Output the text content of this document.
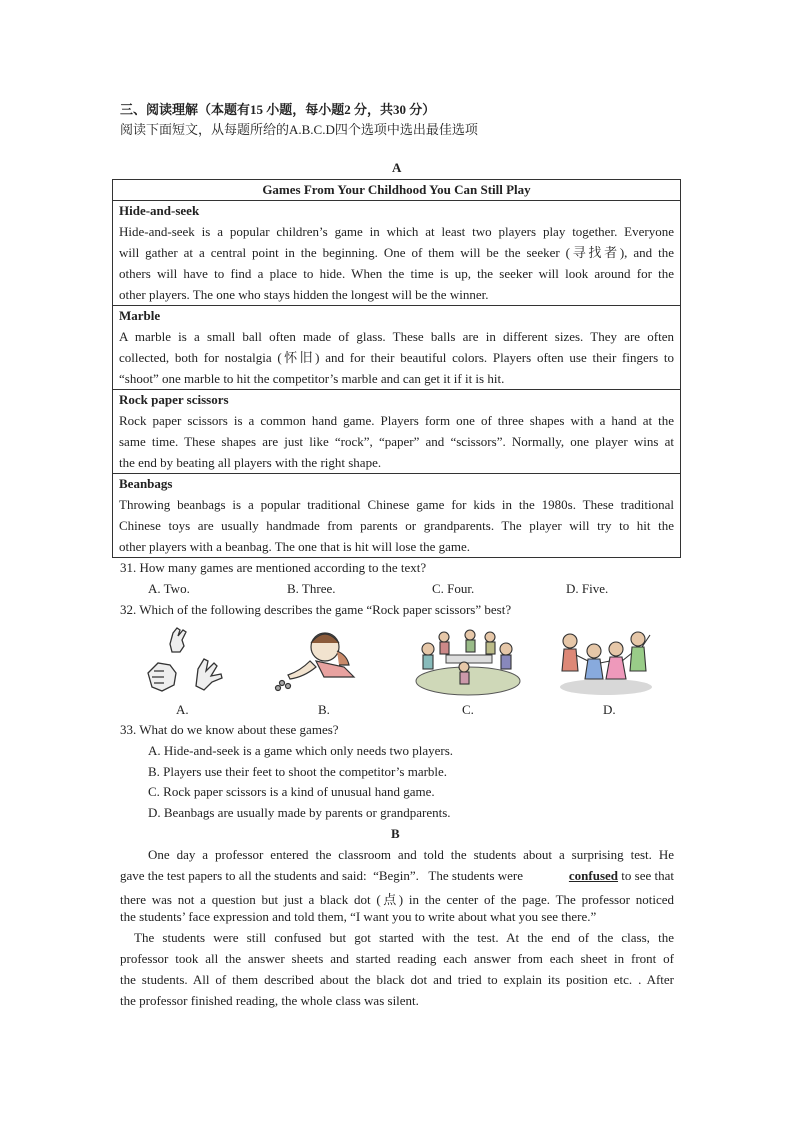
三、阅读理解（本题有15 小题，每小题2 分，共30 分）
阅读下面短文，从每题所给的A.B.C.D四个选项中选出最佳选项
A
Games From Your Childhood You Can Still Play

Hide-and-seek
Hide-and-seek is a popular children’s game in which at least two players play together. Everyone
will gather at a central point in the beginning. One of them will be the seeker (寻找者), and the
others will have to find a place to hide. When the time is up, the seeker will look around for the
other players. The one who stays hidden the longest will be the winner.

Marble
A marble is a small ball often made of glass. These balls are in different sizes. They are often
collected, both for nostalgia (怀旧) and for their beautiful colors. Players often use their fingers to
“shoot” one marble to hit the competitor’s marble and can get it if it is hit.

Rock paper scissors
Rock paper scissors is a common hand game. Players form one of three shapes with a hand at the
same time. These shapes are just like “rock”, “paper” and “scissors”. Normally, one player wins at
the end by beating all players with the right shape.

Beanbags
Throwing beanbags is a popular traditional Chinese game for kids in the 1980s. These traditional
Chinese toys are usually handmade from parents or grandparents. The player will try to hit the
other players with a beanbag. The one that is hit will lose the game.
31. How many games are mentioned according to the text?
A. Two.	B. Three.	C. Four.	D. Five.
32. Which of the following describes the game “Rock paper scissors” best?
A.	B.	C.	D.
33. What do we know about these games?
A. Hide-and-seek is a game which only needs two players.
B. Players use their feet to shoot the competitor’s marble.
C. Rock paper scissors is a kind of unusual hand game.
D. Beanbags are usually made by parents or grandparents.
B
One day a professor entered the classroom and told the students about a surprising test. He
gave the test papers to all the students and said:  “Begin”.   The students were	confused to see that
there was not a question but just a black dot (点) in the center of the page. The professor noticed
the students’ face expression and told them, “I want you to write about what you see there.”
The students were still confused but got started with the test. At the end of the class, the
professor took all the answer sheets and started reading each answer from each sheet in front of
the students. All of them described about the black dot and tried to explain its position etc. . After
the professor finished reading, the whole class was silent.
